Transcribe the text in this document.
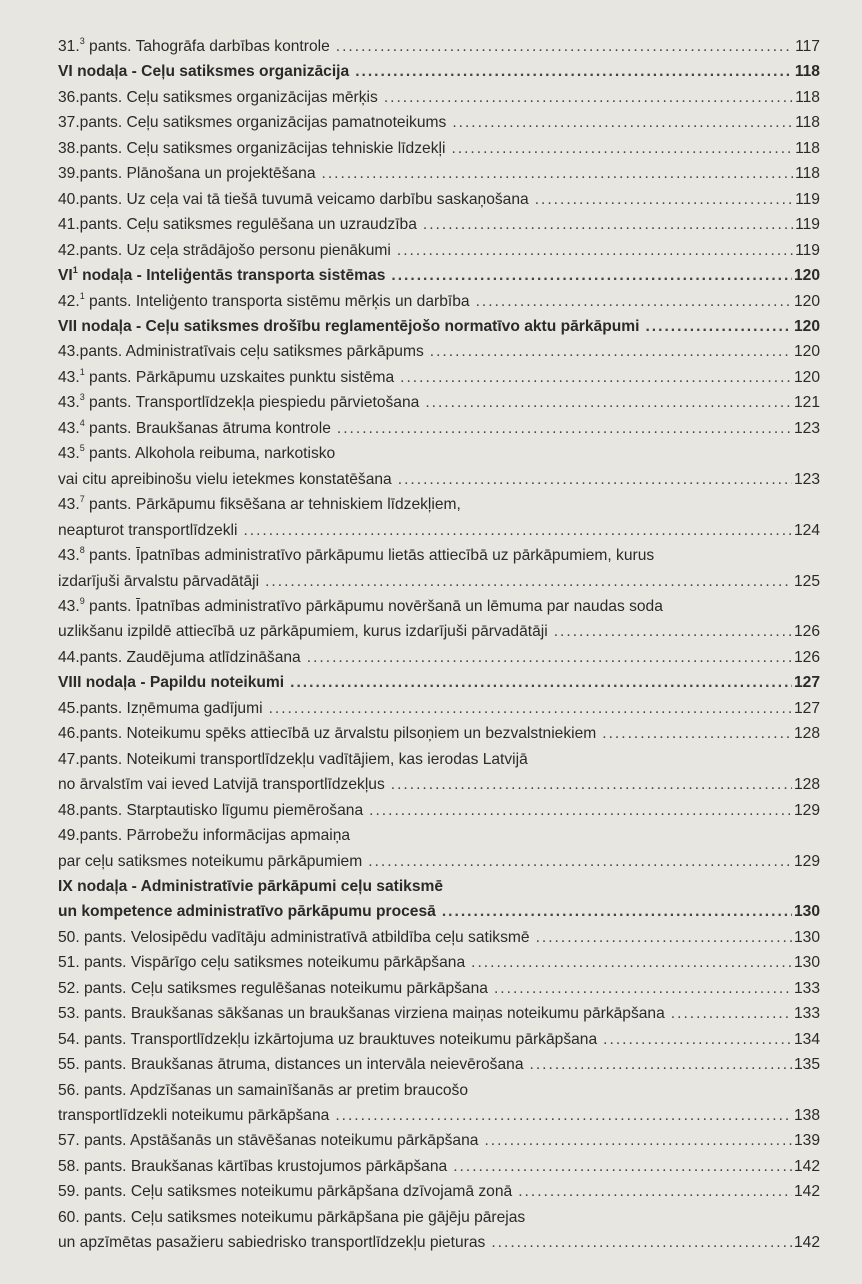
31.$^3$ pants. Tahogrāfa darbības kontrole .....	117
VI nodaļa - Ceļu satiksmes organizācija .....	118
36.pants. Ceļu satiksmes organizācijas mērķis .....	118
37.pants. Ceļu satiksmes organizācijas pamatnoteikums .....	118
38.pants. Ceļu satiksmes organizācijas tehniskie līdzekļi .....	118
39.pants. Plānošana un projektēšana .....	118
40.pants. Uz ceļa vai tā tiešā tuvumā veicamo darbību saskaņošana .....	119
41.pants. Ceļu satiksmes regulēšana un uzraudzība .....	119
42.pants. Uz ceļa strādājošo personu pienākumi .....	119
$VI^1$ nodaļa - Inteliģentās transporta sistēmas .....	120
42.$^1$ pants. Inteliģento transporta sistēmu mērķis un darbība .....	120
VII nodaļa - Ceļu satiksmes drošību reglamentējošo normatīvo aktu pārkāpumi .....	120
43.pants. Administratīvais ceļu satiksmes pārkāpums .....	120
43.$^1$ pants. Pārkāpumu uzskaites punktu sistēma .....	120
43.$^3$ pants. Transportlīdzekļa piespiedu pārvietošana .....	121
43.$^4$ pants. Braukšanas ātruma kontrole .....	123
43.$^5$ pants. Alkohola reibuma, narkotisko
vai citu apreibinošu vielu ietekmes konstatēšana .....	123
43.$^7$ pants. Pārkāpumu fiksēšana ar tehniskiem līdzekļiem,
neapturot transportlīdzekli .....	124
43.$^8$ pants. Īpatnības administratīvo pārkāpumu lietās attiecībā uz pārkāpumiem, kurus
izdarījuši ārvalstu pārvadātāji .....	125
43.$^9$ pants. Īpatnības administratīvo pārkāpumu novēršanā un lēmuma par naudas soda
uzlikšanu izpildē attiecībā uz pārkāpumiem, kurus izdarījuši pārvadātāji .....	126
44.pants. Zaudējuma atlīdzināšana .....	126
VIII nodaļa - Papildu noteikumi .....	127
45.pants. Izņēmuma gadījumi .....	127
46.pants. Noteikumu spēks attiecībā uz ārvalstu pilsoņiem un bezvalstniekiem .....	128
47.pants. Noteikumi transportlīdzekļu vadītājiem, kas ierodas Latvijā
no ārvalstīm vai ieved Latvijā transportlīdzekļus .....	128
48.pants. Starptautisko līgumu piemērošana .....	129
49.pants. Pārrobežu informācijas apmaiņa
par ceļu satiksmes noteikumu pārkāpumiem .....	129
IX nodaļa - Administratīvie pārkāpumi ceļu satiksmē
un kompetence administratīvo pārkāpumu procesā .....	130
50. pants. Velosipēdu vadītāju administratīvā atbildība ceļu satiksmē .....	130
51. pants. Vispārīgo ceļu satiksmes noteikumu pārkāpšana .....	130
52. pants. Ceļu satiksmes regulēšanas noteikumu pārkāpšana .....	133
53. pants. Braukšanas sākšanas un braukšanas virziena maiņas noteikumu pārkāpšana .....	133
54. pants. Transportlīdzekļu izkārtojuma uz brauktuves noteikumu pārkāpšana .....	134
55. pants. Braukšanas ātruma, distances un intervāla neievērošana .....	135
56. pants. Apdzīšanas un samainīšanās ar pretim braucošo
transportlīdzekli noteikumu pārkāpšana .....	138
57. pants. Apstāšanās un stāvēšanas noteikumu pārkāpšana .....	139
58. pants. Braukšanas kārtības krustojumos pārkāpšana .....	142
59. pants. Ceļu satiksmes noteikumu pārkāpšana dzīvojamā zonā .....	142
60. pants. Ceļu satiksmes noteikumu pārkāpšana pie gājēju pārejas
un apzīmētas pasažieru sabiedrisko transportlīdzekļu pieturas .....	142
